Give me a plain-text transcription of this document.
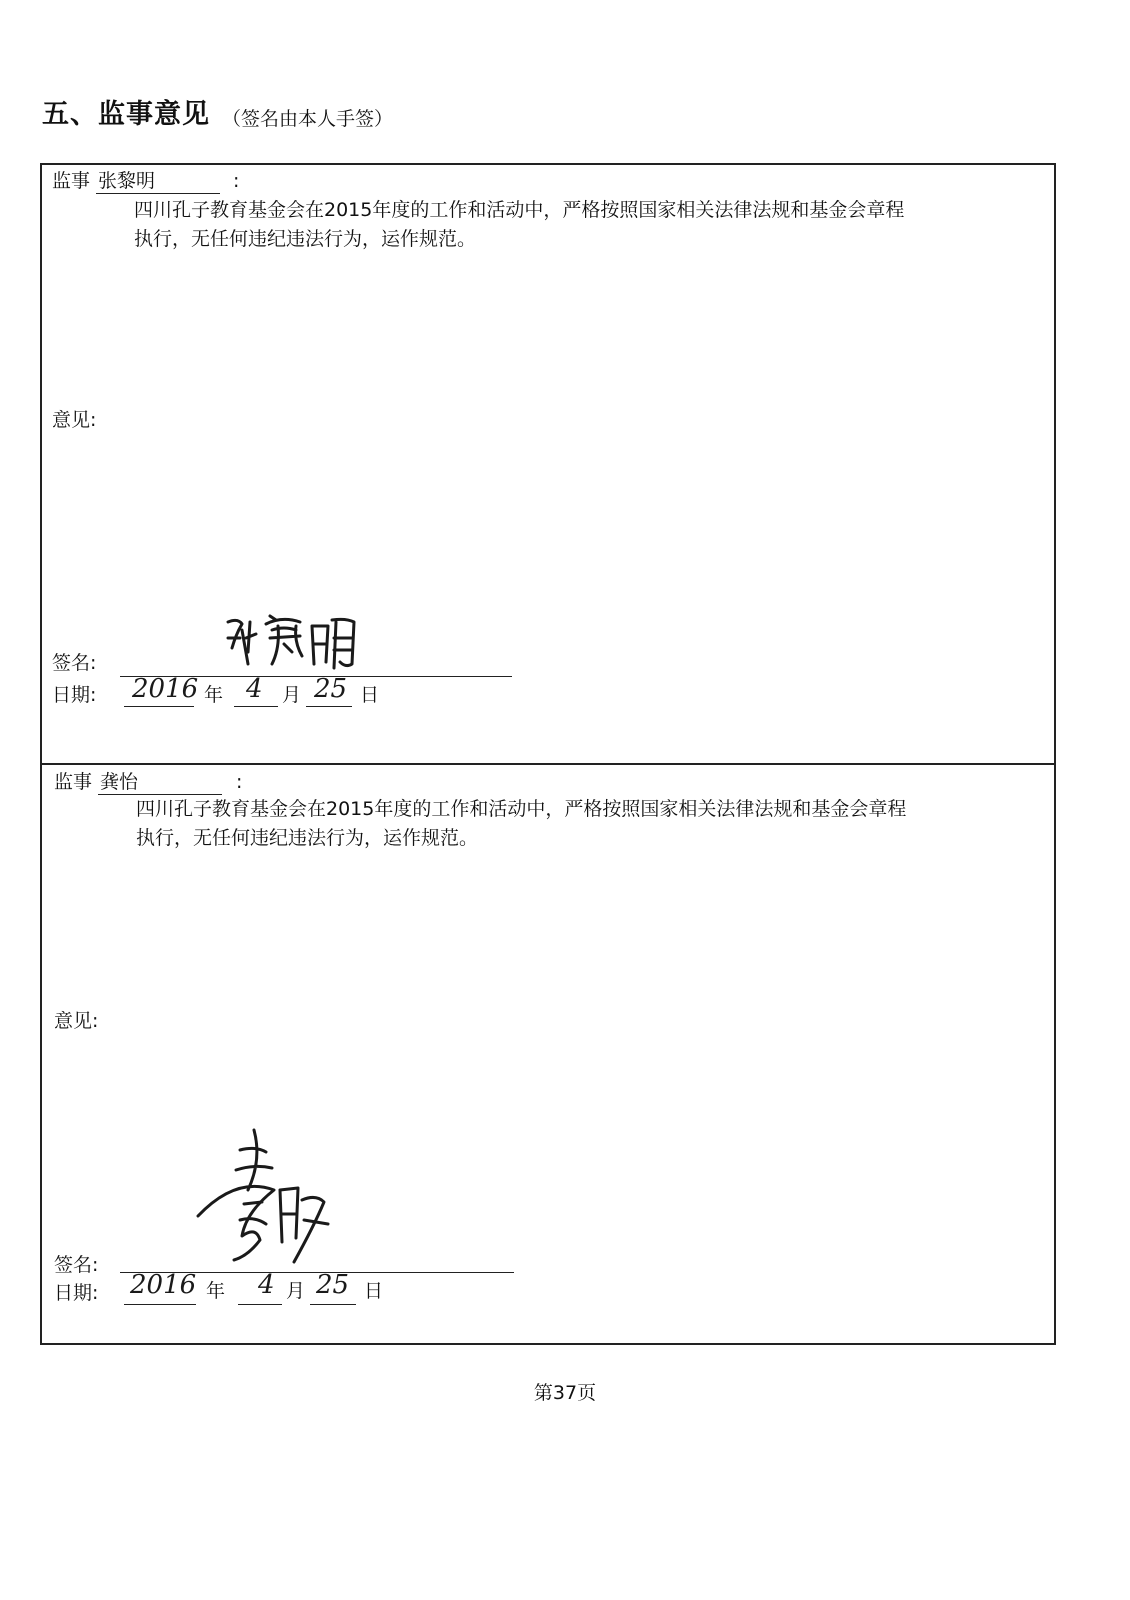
五、监事意见 （签名由本人手签）
监事 张黎明	:
四川孔子教育基金会在2015年度的工作和活动中，严格按照国家相关法律法规和基金会章程
执行，无任何违纪违法行为，运作规范。
意见:
签名:
日期: 2016 年 4 月 25 日
监事 龚怡	:
四川孔子教育基金会在2015年度的工作和活动中，严格按照国家相关法律法规和基金会章程
执行，无任何违纪违法行为，运作规范。
意见:
签名:
日期: 2016 年 4 月 25 日
第37页
